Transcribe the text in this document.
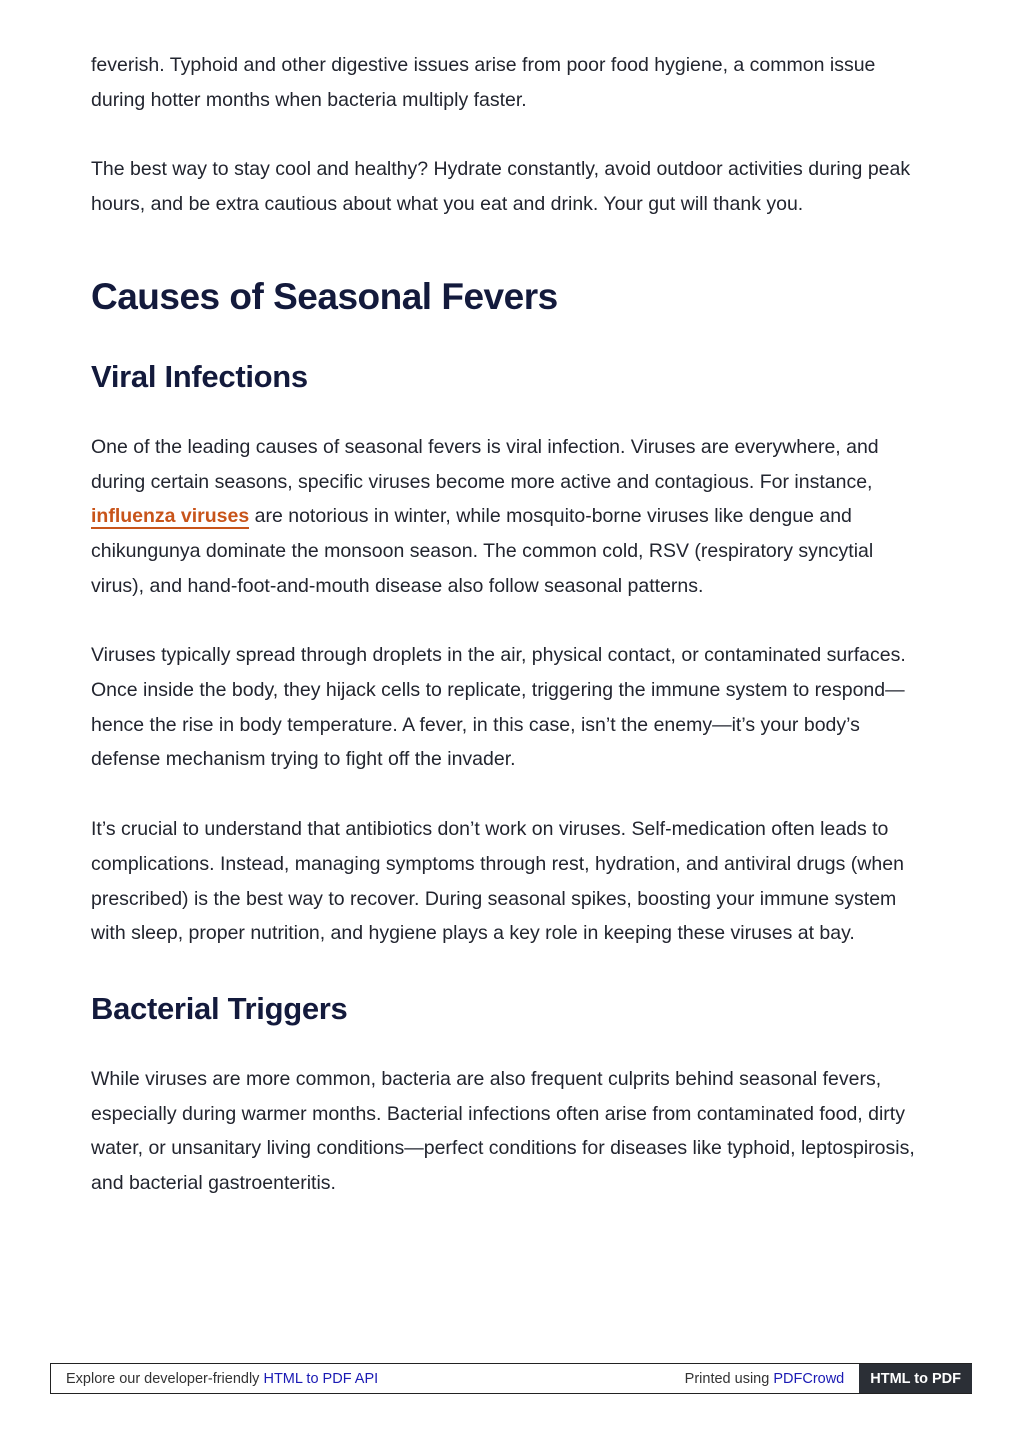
feverish. Typhoid and other digestive issues arise from poor food hygiene, a common issue during hotter months when bacteria multiply faster.

The best way to stay cool and healthy? Hydrate constantly, avoid outdoor activities during peak hours, and be extra cautious about what you eat and drink. Your gut will thank you.

Causes of Seasonal Fevers
Viral Infections

One of the leading causes of seasonal fevers is viral infection. Viruses are everywhere, and during certain seasons, specific viruses become more active and contagious. For instance, influenza viruses are notorious in winter, while mosquito-borne viruses like dengue and chikungunya dominate the monsoon season. The common cold, RSV (respiratory syncytial virus), and hand-foot-and-mouth disease also follow seasonal patterns.

Viruses typically spread through droplets in the air, physical contact, or contaminated surfaces. Once inside the body, they hijack cells to replicate, triggering the immune system to respond—hence the rise in body temperature. A fever, in this case, isn’t the enemy—it’s your body’s defense mechanism trying to fight off the invader.

It’s crucial to understand that antibiotics don’t work on viruses. Self-medication often leads to complications. Instead, managing symptoms through rest, hydration, and antiviral drugs (when prescribed) is the best way to recover. During seasonal spikes, boosting your immune system with sleep, proper nutrition, and hygiene plays a key role in keeping these viruses at bay.

Bacterial Triggers

While viruses are more common, bacteria are also frequent culprits behind seasonal fevers, especially during warmer months. Bacterial infections often arise from contaminated food, dirty water, or unsanitary living conditions—perfect conditions for diseases like typhoid, leptospirosis, and bacterial gastroenteritis.

Explore our developer-friendly HTML to PDF API	Printed using PDFCrowd	HTML to PDF
